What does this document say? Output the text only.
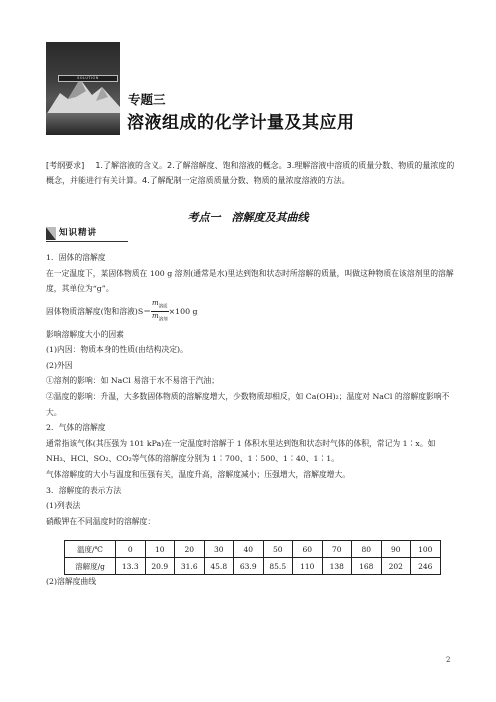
SOLUTION
专题三
溶液组成的化学计量及其应用
[考纲要求] 1.了解溶液的含义。2.了解溶解度、饱和溶液的概念。3.理解溶液中溶质的质量分数、物质的量浓度的概念，并能进行有关计算。4.了解配制一定溶质质量分数、物质的量浓度溶液的方法。
考点一　溶解度及其曲线
知识精讲

1．固体的溶解度

在一定温度下，某固体物质在 100 g 溶剂(通常是水)里达到饱和状态时所溶解的质量，叫做这种物质在该溶剂里的溶解度，其单位为“g”。

固体物质溶解度(饱和溶液)$S= \frac{m_{溶质}}{m_{溶剂}} \times 100$ g

影响溶解度大小的因素

(1)内因：物质本身的性质(由结构决定)。

(2)外因

①溶剂的影响：如 NaCl 易溶于水不易溶于汽油；

②温度的影响：升温，大多数固体物质的溶解度增大，少数物质却相反，如 Ca(OH)₂；温度对 NaCl 的溶解度影响不大。

2．气体的溶解度

通常指该气体(其压强为 101 kPa)在一定温度时溶解于 1 体积水里达到饱和状态时气体的体积，常记为 1∶x。如 NH₃、HCl、SO₂、CO₂等气体的溶解度分别为 1∶700、1∶500、1∶40、1∶1。

气体溶解度的大小与温度和压强有关，温度升高，溶解度减小；压强增大，溶解度增大。

3．溶解度的表示方法

(1)列表法

硝酸钾在不同温度时的溶解度：

温度/℃	0	10	20	30	40	50	60	70	80	90	100
溶解度/g	13.3	20.9	31.6	45.8	63.9	85.5	110	138	168	202	246
(2)溶解度曲线
2
